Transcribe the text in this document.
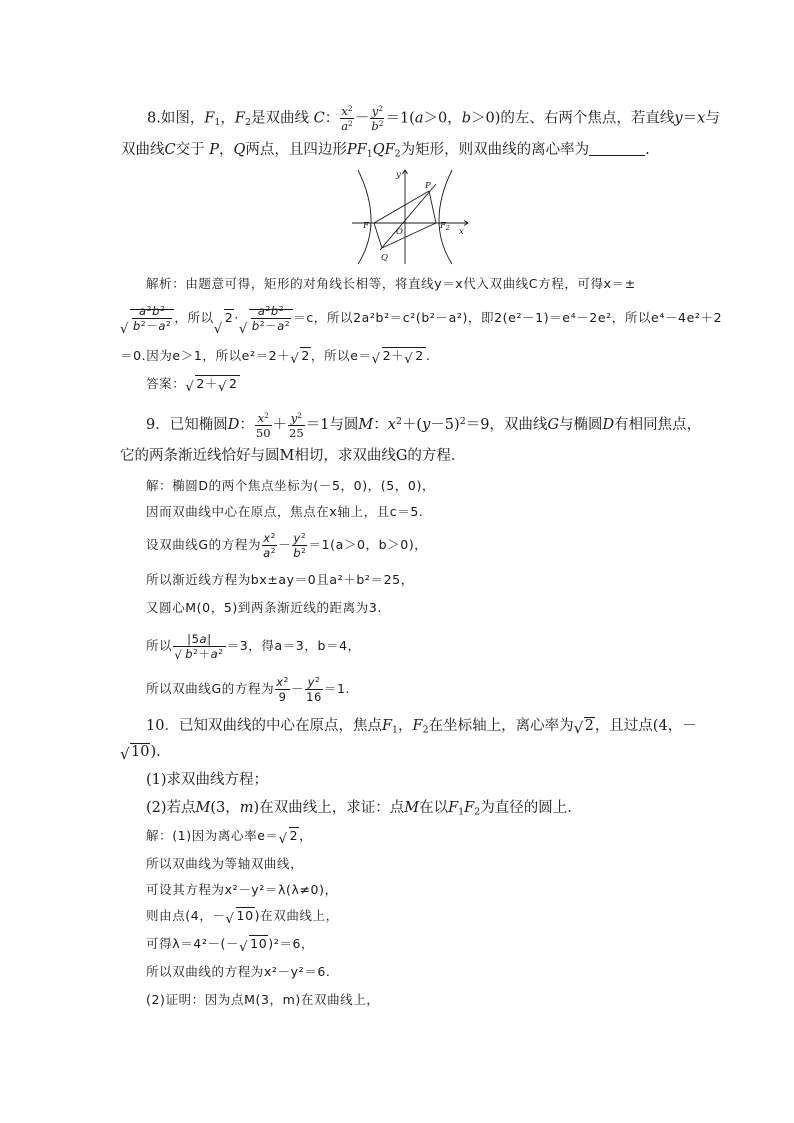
8.如图，$F_1$，$F_2$是双曲线 C： $\frac{x^2}{a^2} - \frac{y^2}{b^2} =1(a>0$，b＞0)的左、右两个焦点，若直线y＝x与
双曲线C交于 P，Q两点，且四边形$PF_1QF_2$为矩形，则双曲线的离心率为	.
y
x
O
P
Q
$F_1$	$F_2$
解析：由题意可得，矩形的对角线长相等，将直线y＝x代入双曲线C方程，可得x＝±
√ $\frac{a^2b^2}{b^2-a^2}$ ，所以 √ 2· √ $\frac{a^2b^2}{b^2-a^2} =c$，所以2a²b²＝c²(b²－a²)，即2(e²－1)＝e⁴－2e²，所以e⁴－4e²＋2
＝0.因为e＞1，所以e²＝2＋ √ 2，所以e＝ √ 2＋ √ 2 .
答案： √ 2＋ √ 2
9．已知椭圆D： $\frac{x^2}{50} + \frac{y^2}{25} =1$与圆M：$x^2+(y-5)^2=9$，双曲线G与椭圆D有相同焦点，
它的两条渐近线恰好与圆M相切，求双曲线G的方程．
解：椭圆D的两个焦点坐标为(－5，0)，(5，0)，
因而双曲线中心在原点，焦点在x轴上，且c＝5.
设双曲线G的方程为 $\frac{x^2}{a^2} - \frac{y^2}{b^2} =1(a>0$，b＞0)，
所以渐近线方程为bx±ay＝0且a²＋b²＝25，
又圆心M(0，5)到两条渐近线的距离为3.
所以 |5a|
√ $b^2+a^2 =3$，得a＝3，b＝4，
所以双曲线G的方程为 $\frac{x^2}{9} - \frac{y^2}{16} =1$.
10．已知双曲线的中心在原点，焦点$F_1$，$F_2$在坐标轴上，离心率为 √ 2，且过点(4，－
√ 10).
(1)求双曲线方程；
(2)若点M(3，m)在双曲线上，求证：点M在以$F_1F_2$为直径的圆上．
解：(1)因为离心率e＝ √ 2，
所以双曲线为等轴双曲线，
可设其方程为x²－y²＝λ(λ≠0)，
则由点(4，－ √ 10)在双曲线上，
可得λ＝4²－(－ √ 10)²＝6，
所以双曲线的方程为x²－y²＝6.
(2)证明：因为点M(3，m)在双曲线上，
